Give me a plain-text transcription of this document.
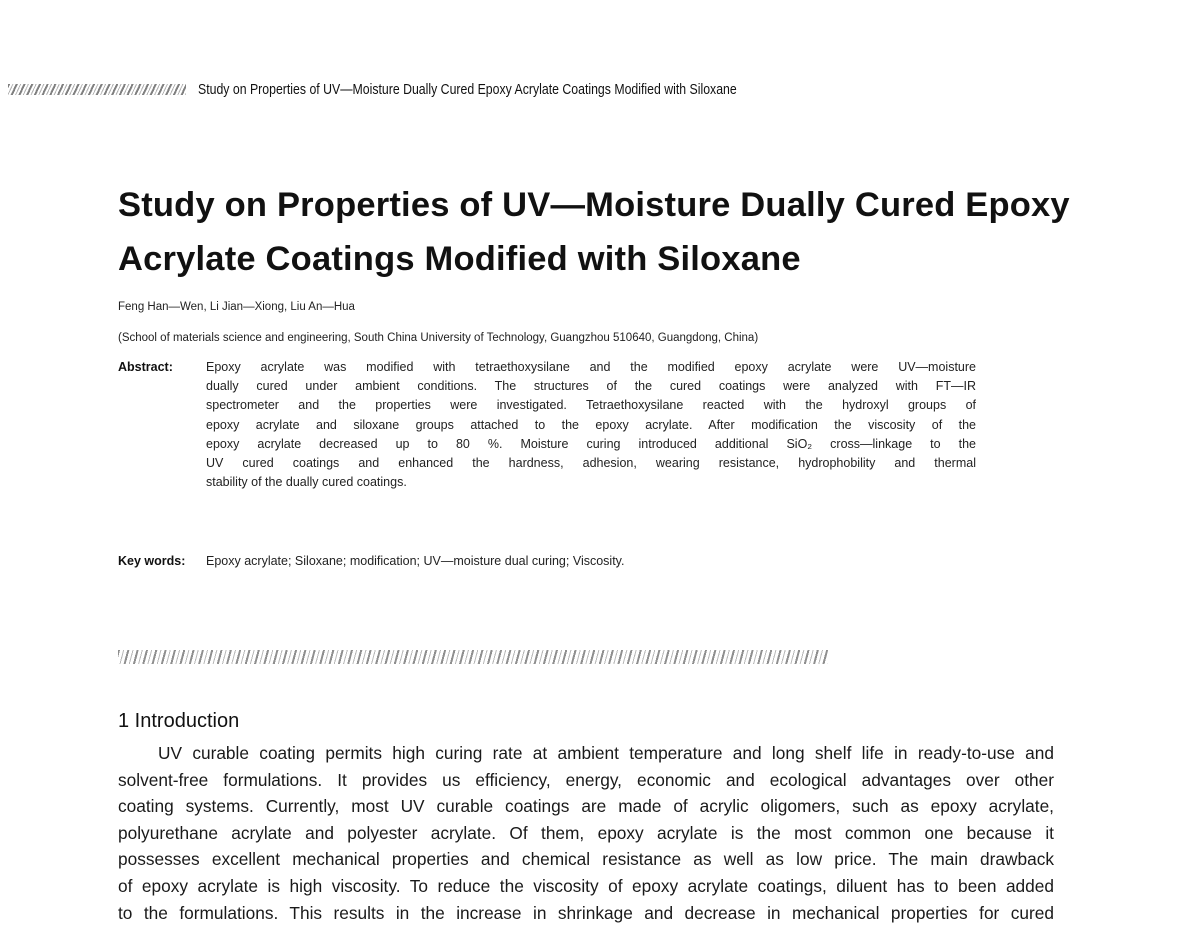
Study on Properties of UV—Moisture Dually Cured Epoxy Acrylate Coatings Modified with Siloxane
Study on Properties of UV—Moisture Dually Cured Epoxy
Acrylate Coatings Modified with Siloxane
Feng Han—Wen, Li Jian—Xiong, Liu An—Hua
(School of materials science and engineering, South China University of Technology, Guangzhou 510640, Guangdong, China)
Abstract:	Epoxy acrylate was modified with tetraethoxysilane and the modified epoxy acrylate were UV—moisture
dually cured under ambient conditions. The structures of the cured coatings were analyzed with FT—IR
spectrometer and the properties were investigated. Tetraethoxysilane reacted with the hydroxyl groups of
epoxy acrylate and siloxane groups attached to the epoxy acrylate. After modification the viscosity of the
epoxy acrylate decreased up to 80 %. Moisture curing introduced additional SiO₂ cross—linkage to the
UV cured coatings and enhanced the hardness, adhesion, wearing resistance, hydrophobility and thermal
stability of the dually cured coatings.
Key words: Epoxy acrylate; Siloxane; modification; UV—moisture dual curing; Viscosity.
1 Introduction
UV curable coating permits high curing rate at ambient temperature and long shelf life in ready-to-use and
solvent-free formulations. It provides us efficiency, energy, economic and ecological advantages over other
coating systems. Currently, most UV curable coatings are made of acrylic oligomers, such as epoxy acrylate,
polyurethane acrylate and polyester acrylate. Of them, epoxy acrylate is the most common one because it
possesses excellent mechanical properties and chemical resistance as well as low price. The main drawback
of epoxy acrylate is high viscosity. To reduce the viscosity of epoxy acrylate coatings, diluent has to been added
to the formulations. This results in the increase in shrinkage and decrease in mechanical properties for cured
